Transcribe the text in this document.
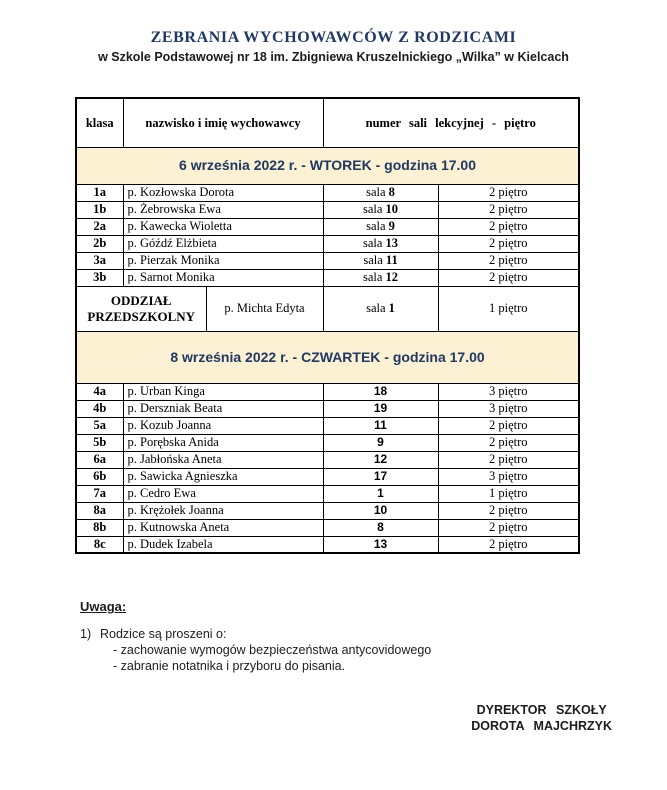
ZEBRANIA WYCHOWAWCÓW Z RODZICAMI
w Szkole Podstawowej nr 18 im. Zbigniewa Kruszelnickiego „Wilka” w Kielcach
klasa	nazwisko i imię wychowawcy		numer sali lekcyjnej - piętro	
6 września 2022 r. - WTOREK - godzina 17.00				
1a	p. Kozłowska Dorota		sala 8	2 piętro
1b	p. Żebrowska Ewa		sala 10	2 piętro
2a	p. Kawecka Wioletta		sala 9	2 piętro
2b	p. Góźdź Elżbieta		sala 13	2 piętro
3a	p. Pierzak Monika		sala 11	2 piętro
3b	p. Sarnot Monika		sala 12	2 piętro
ODDZIAŁ PRZEDSZKOLNY		p. Michta Edyta	sala 1	1 piętro
8 września 2022 r. - CZWARTEK - godzina 17.00				
4a	p. Urban Kinga		18	3 piętro
4b	p. Derszniak Beata		19	3 piętro
5a	p. Kozub Joanna		11	2 piętro
5b	p. Porębska Anida		9	2 piętro
6a	p. Jabłońska Aneta		12	2 piętro
6b	p. Sawicka Agnieszka		17	3 piętro
7a	p. Cedro Ewa		1	1 piętro
8a	p. Krężołek Joanna		10	2 piętro
8b	p. Kutnowska Aneta		8	2 piętro
8c	p. Dudek Izabela		13	2 piętro
Uwaga:
1) Rodzice są proszeni o:
- zachowanie wymogów bezpieczeństwa antycovidowego
- zabranie notatnika i przyboru do pisania.
DYREKTOR SZKOŁY
DOROTA MAJCHRZYK
